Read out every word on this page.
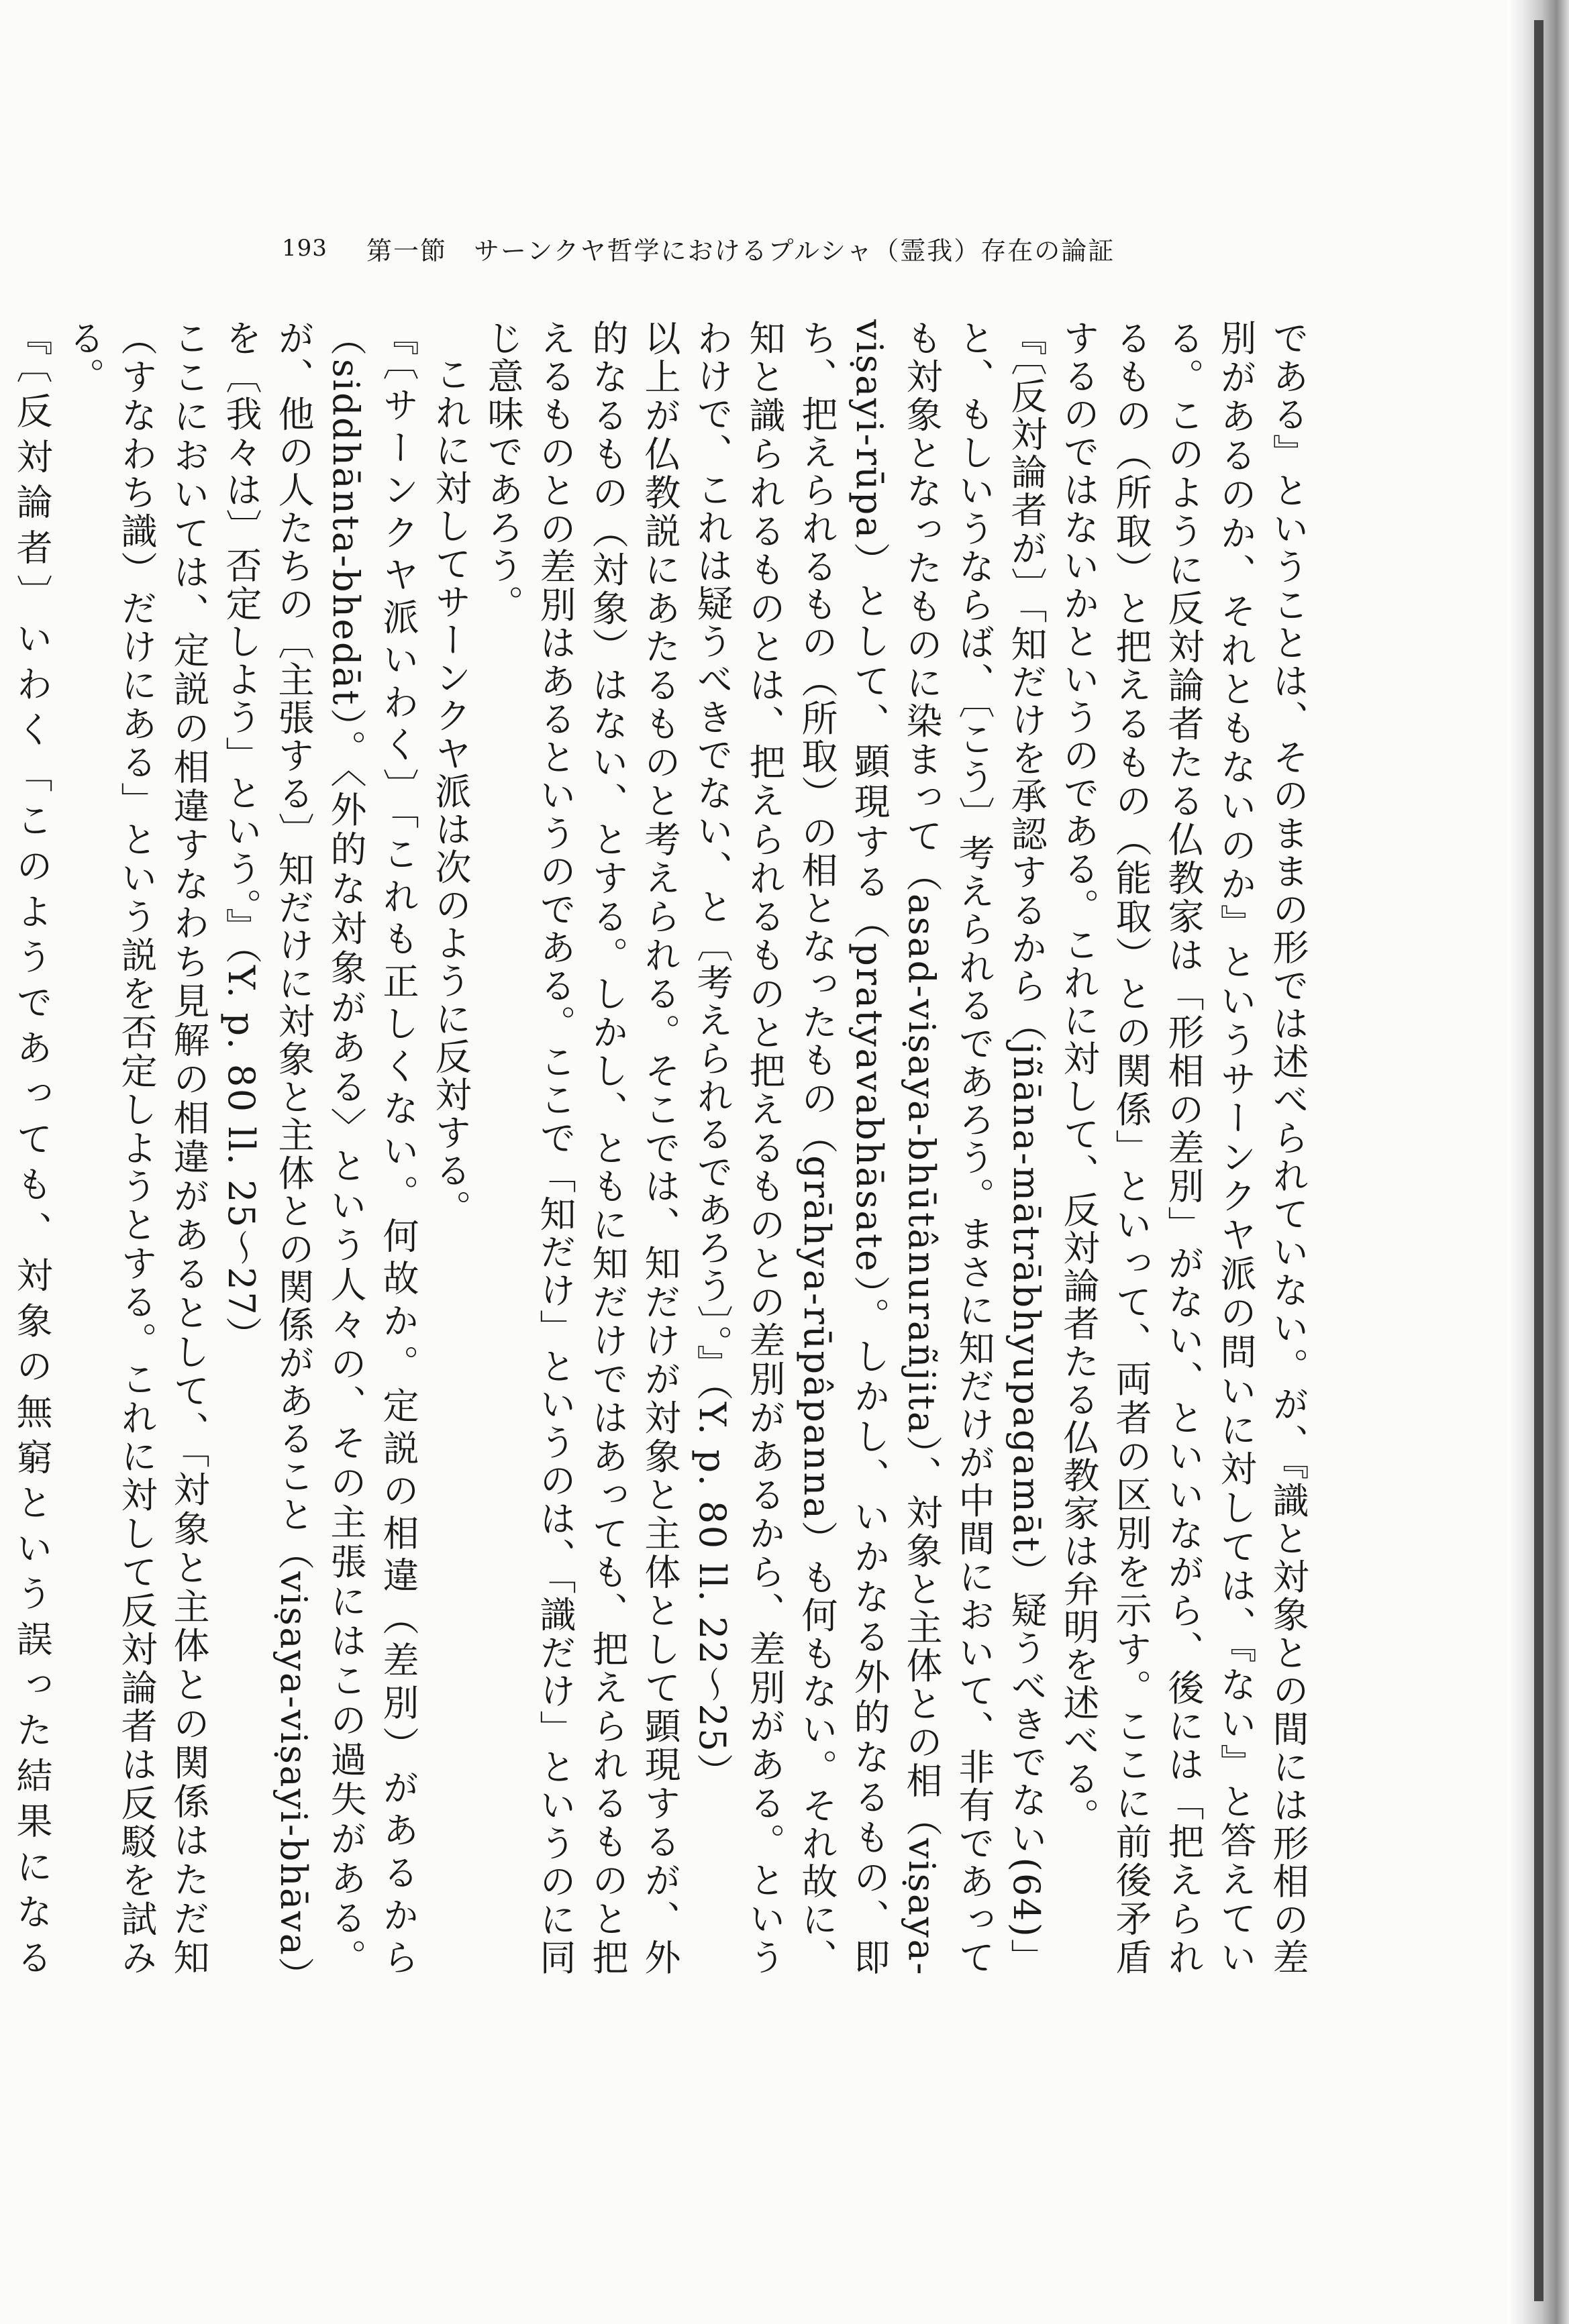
193	第一節　サーンクヤ哲学におけるプルシャ（霊我）存在の論証

である』ということは、そのままの形では述べられていない。が、『識と対象との間には形相の差別があるのか、それともないのか』というサーンクヤ派の問いに対しては、『ない』と答えている。このように反対論者たる仏教家は「形相の差別」がない、といいながら、後には「把えられるもの（所取）と把えるもの（能取）との関係」といって、両者の区別を示す。ここに前後矛盾するのではないかというのである。これに対して、反対論者たる仏教家は弁明を述べる。

『〔反対論者が〕「知だけを承認するから（jñāna-mātrābhyupagamāt）疑うべきでない(64)」と、もしいうならば、〔こう〕考えられるであろう。まさに知だけが中間において、非有であっても対象となったものに染まって（asad-viṣaya-bhūtânurañjita）、対象と主体との相（viṣaya-viṣayi-rūpa）として、顕現する（pratyavabhāsate）。しかし、いかなる外的なるもの、即ち、把えられるもの（所取）の相となったもの（grāhya-rūpâpanna）も何もない。それ故に、知と識られるものとは、把えられるものと把えるものとの差別があるから、差別がある。というわけで、これは疑うべきでない、と〔考えられるであろう〕。』（Y. p. 80 ll. 22〜25）

以上が仏教説にあたるものと考えられる。そこでは、知だけが対象と主体として顕現するが、外的なるもの（対象）はない、とする。しかし、ともに知だけではあっても、把えられるものと把えるものとの差別はあるというのである。ここで「知だけ」というのは、「識だけ」というのに同じ意味であろう。

これに対してサーンクヤ派は次のように反対する。

『〔サーンクヤ派いわく〕「これも正しくない。何故か。定説の相違（差別）があるから（siddhānta-bhedāt）。〈外的な対象がある〉という人々の、その主張にはこの過失がある。が、他の人たちの〔主張する〕知だけに対象と主体との関係があること（viṣaya-viṣayi-bhāva）を〔我々は〕否定しよう」という。』（Y. p. 80 ll. 25〜27）

ここにおいては、定説の相違すなわち見解の相違があるとして、「対象と主体との関係はただ知（すなわち識）だけにある」という説を否定しようとする。これに対して反対論者は反駁を試みる。

『〔反対論者〕いわく「このようであっても、対象の無窮という誤った結果になる
